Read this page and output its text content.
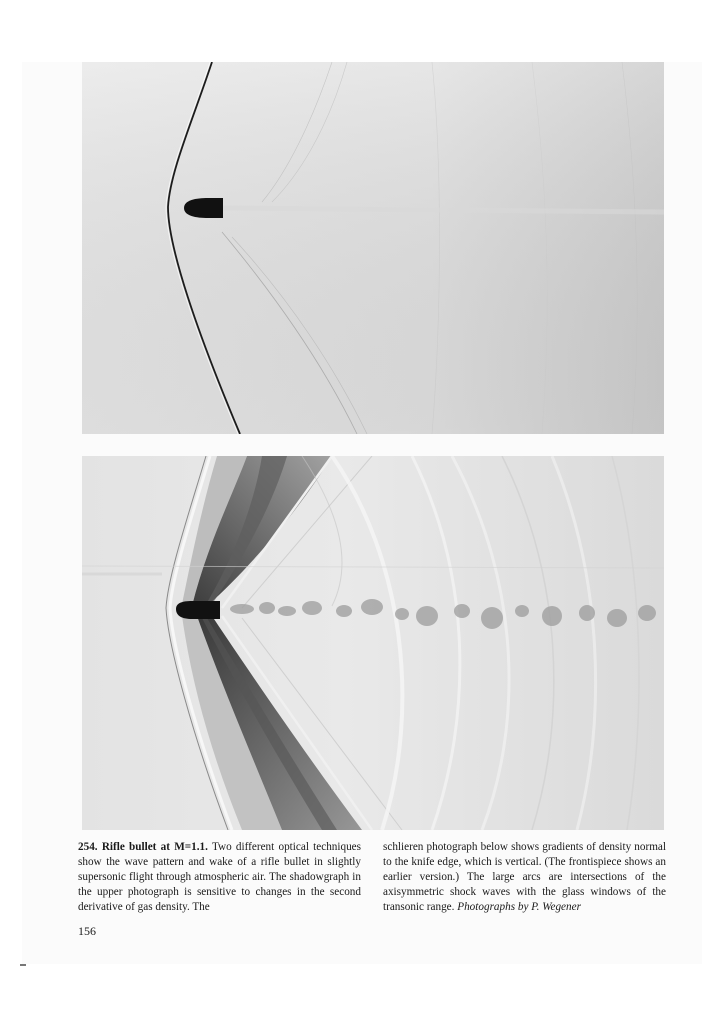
254. Rifle bullet at M=1.1. Two different optical techniques show the wave pattern and wake of a rifle bullet in slightly supersonic flight through atmospheric air. The shadowgraph in the upper photograph is sensitive to changes in the second derivative of gas density. The
schlieren photograph below shows gradients of density normal to the knife edge, which is vertical. (The frontispiece shows an earlier version.) The large arcs are intersections of the axisymmetric shock waves with the glass windows of the transonic range. Photographs by P. Wegener
156
